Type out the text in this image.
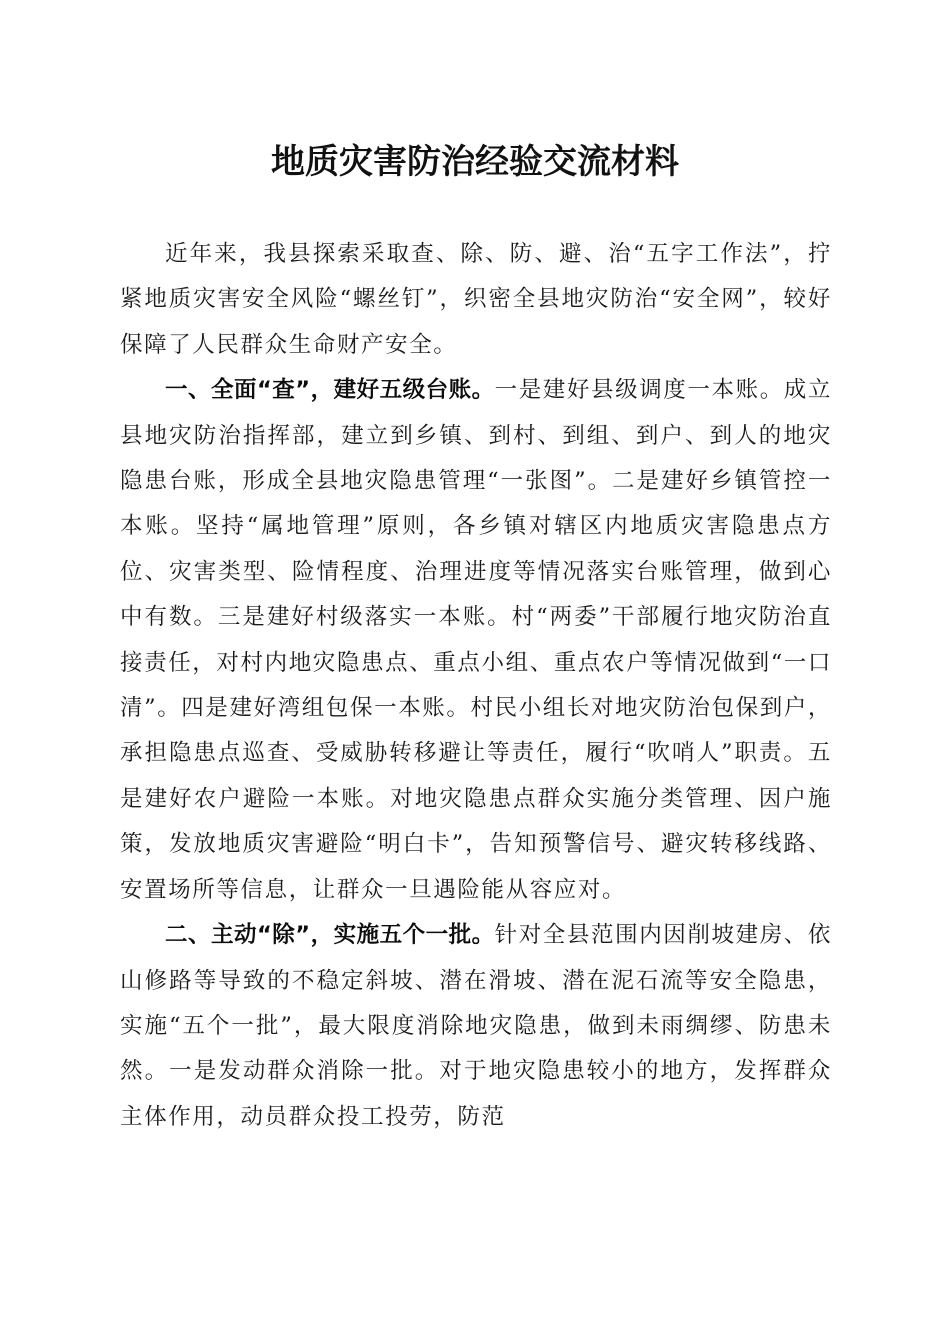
地质灾害防治经验交流材料

近年来，我县探索采取查、除、防、避、治“五字工作法”，拧紧地质灾害安全风险“螺丝钉”，织密全县地灾防治“安全网”，较好保障了人民群众生命财产安全。

一、全面“查”，建好五级台账。一是建好县级调度一本账。成立县地灾防治指挥部，建立到乡镇、到村、到组、到户、到人的地灾隐患台账，形成全县地灾隐患管理“一张图”。二是建好乡镇管控一本账。坚持“属地管理”原则，各乡镇对辖区内地质灾害隐患点方位、灾害类型、险情程度、治理进度等情况落实台账管理，做到心中有数。三是建好村级落实一本账。村“两委”干部履行地灾防治直接责任，对村内地灾隐患点、重点小组、重点农户等情况做到“一口清”。四是建好湾组包保一本账。村民小组长对地灾防治包保到户，承担隐患点巡查、受威胁转移避让等责任，履行“吹哨人”职责。五是建好农户避险一本账。对地灾隐患点群众实施分类管理、因户施策，发放地质灾害避险“明白卡”，告知预警信号、避灾转移线路、安置场所等信息，让群众一旦遇险能从容应对。

二、主动“除”，实施五个一批。针对全县范围内因削坡建房、依山修路等导致的不稳定斜坡、潜在滑坡、潜在泥石流等安全隐患，实施“五个一批”，最大限度消除地灾隐患，做到未雨绸缪、防患未然。一是发动群众消除一批。对于地灾隐患较小的地方，发挥群众主体作用，动员群众投工投劳，防范
